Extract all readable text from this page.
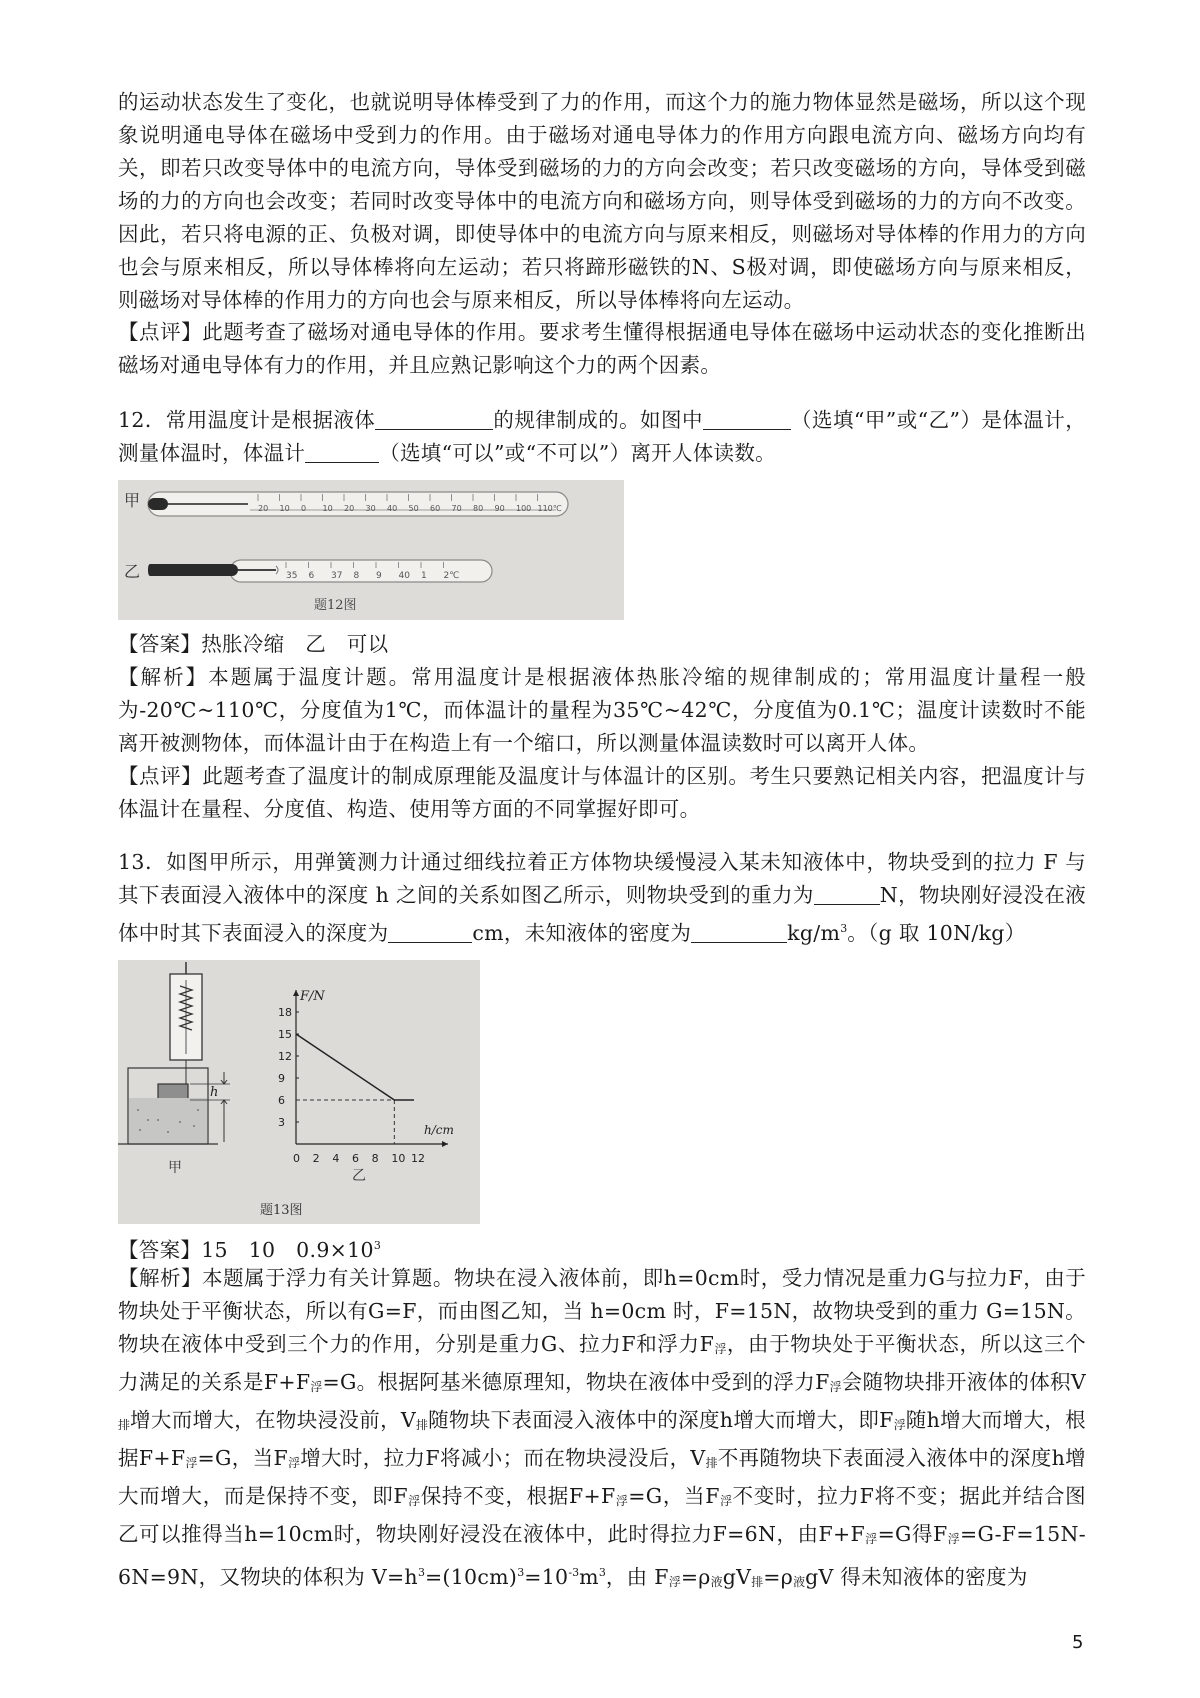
的运动状态发生了变化，也就说明导体棒受到了力的作用，而这个力的施力物体显然是磁场，所以这个现象说明通电导体在磁场中受到力的作用。由于磁场对通电导体力的作用方向跟电流方向、磁场方向均有关，即若只改变导体中的电流方向，导体受到磁场的力的方向会改变；若只改变磁场的方向，导体受到磁场的力的方向也会改变；若同时改变导体中的电流方向和磁场方向，则导体受到磁场的力的方向不改变。因此，若只将电源的正、负极对调，即使导体中的电流方向与原来相反，则磁场对导体棒的作用力的方向也会与原来相反，所以导体棒将向左运动；若只将蹄形磁铁的N、S极对调，即使磁场方向与原来相反，则磁场对导体棒的作用力的方向也会与原来相反，所以导体棒将向左运动。
【点评】此题考查了磁场对通电导体的作用。要求考生懂得根据通电导体在磁场中运动状态的变化推断出磁场对通电导体有力的作用，并且应熟记影响这个力的两个因素。
12．常用温度计是根据液体	的规律制成的。如图中	（选填“甲”或“乙”）是体温计，测量体温时，体温计	（选填“可以”或“不可以”）离开人体读数。
甲	20 10 0 10 20 30 40 50 60 70 80 90 100 110℃
乙	35 6 37 8 9 40 1 2℃
题12图
【答案】热胀冷缩　乙　可以
【解析】本题属于温度计题。常用温度计是根据液体热胀冷缩的规律制成的；常用温度计量程一般为-20℃~110℃，分度值为1℃，而体温计的量程为35℃~42℃，分度值为0.1℃；温度计读数时不能离开被测物体，而体温计由于在构造上有一个缩口，所以测量体温读数时可以离开人体。
【点评】此题考查了温度计的制成原理能及温度计与体温计的区别。考生只要熟记相关内容，把温度计与体温计在量程、分度值、构造、使用等方面的不同掌握好即可。
13．如图甲所示，用弹簧测力计通过细线拉着正方体物块缓慢浸入某未知液体中，物块受到的拉力 F 与其下表面浸入液体中的深度 h 之间的关系如图乙所示，则物块受到的重力为	N，物块刚好浸没在液体中时其下表面浸入的深度为	cm，未知液体的密度为	$kg/m^3$。（g 取 10N/kg）
h
甲
F/N
h/cm
3
6
9
12
15
18
0 2 4 6 8 10 12
乙
题13图
【答案】15　10　$0.9\times 10^3$
【解析】本题属于浮力有关计算题。物块在浸入液体前，即h=0cm时，受力情况是重力G与拉力F，由于物块处于平衡状态，所以有G=F，而由图乙知，当 h=0cm 时，F=15N，故物块受到的重力 G=15N。物块在液体中受到三个力的作用，分别是重力G、拉力F和浮力F浮，由于物块处于平衡状态，所以这三个力满足的关系是F+F浮=G。根据阿基米德原理知，物块在液体中受到的浮力F浮会随物块排开液体的体积V排增大而增大，在物块浸没前，V排随物块下表面浸入液体中的深度h增大而增大，即F浮随h增大而增大，根据F+F浮=G，当F浮增大时，拉力F将减小；而在物块浸没后，V排不再随物块下表面浸入液体中的深度h增大而增大，而是保持不变，即F浮保持不变，根据F+F浮=G，当F浮不变时，拉力F将不变；据此并结合图乙可以推得当h=10cm时，物块刚好浸没在液体中，此时得拉力F=6N，由F+F浮=G得F浮=G-F=15N-6N=9N，又物块的体积为 $V=h^3=(10cm)^3=10^{-3}m^3$，由 F浮=ρ液gV排=ρ液gV 得未知液体的密度为
5
